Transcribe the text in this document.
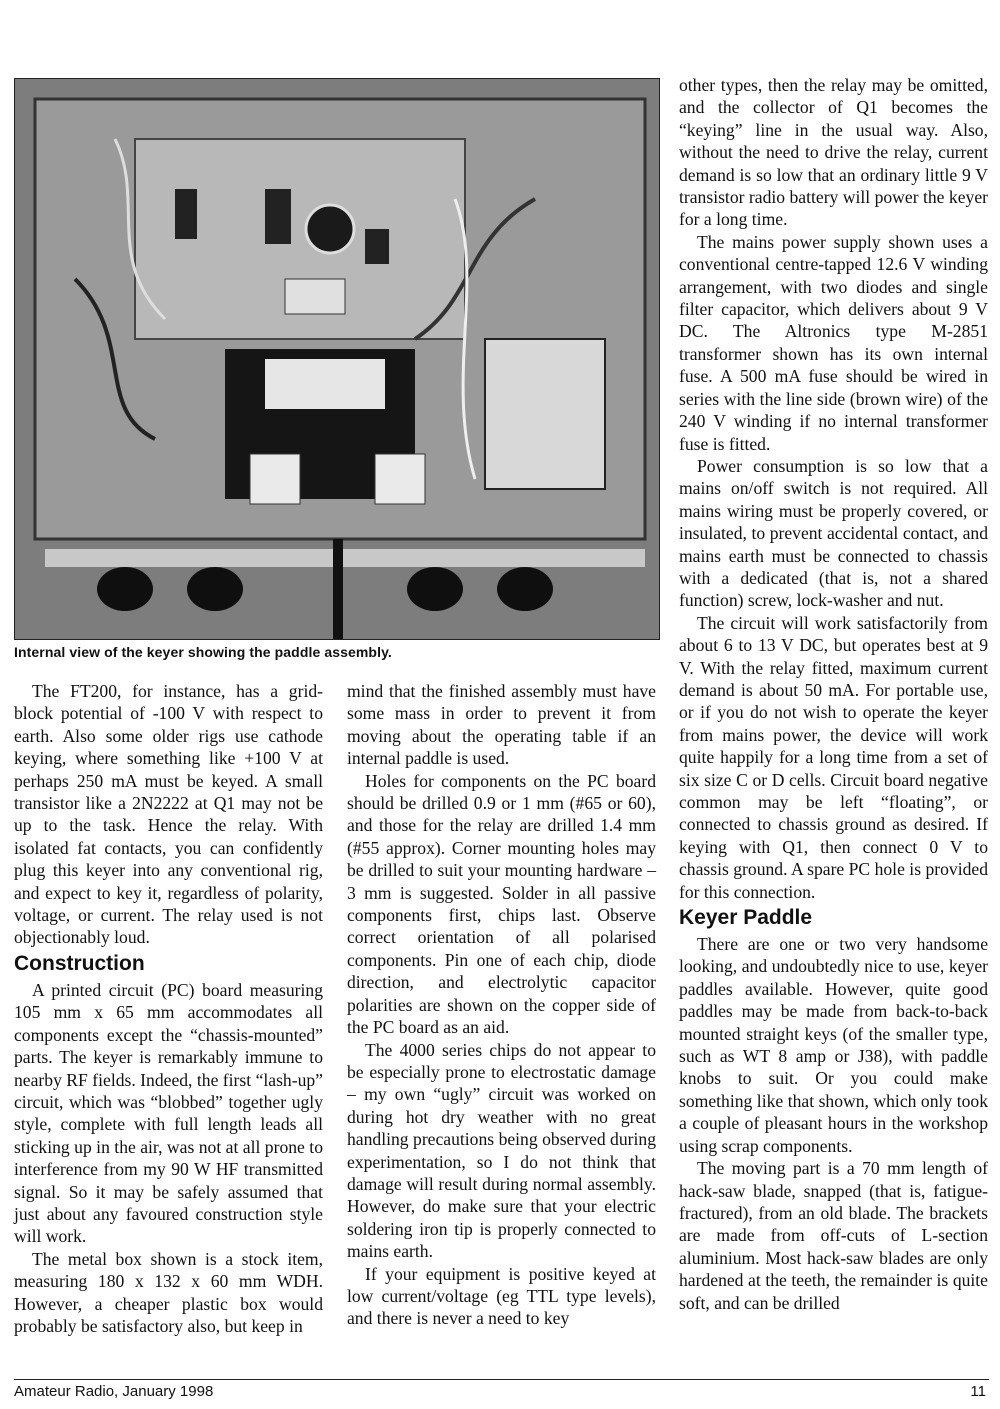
Internal view of the keyer showing the paddle assembly.

The FT200, for instance, has a grid-block potential of -100 V with respect to earth. Also some older rigs use cathode keying, where something like +100 V at perhaps 250 mA must be keyed. A small transistor like a 2N2222 at Q1 may not be up to the task. Hence the relay. With isolated fat contacts, you can confidently plug this keyer into any conventional rig, and expect to key it, regardless of polarity, voltage, or current. The relay used is not objectionably loud.

Construction

A printed circuit (PC) board measuring 105 mm x 65 mm accommodates all components except the “chassis-mounted” parts. The keyer is remarkably immune to nearby RF fields. Indeed, the first “lash-up” circuit, which was “blobbed” together ugly style, complete with full length leads all sticking up in the air, was not at all prone to interference from my 90 W HF transmitted signal. So it may be safely assumed that just about any favoured construction style will work.

The metal box shown is a stock item, measuring 180 x 132 x 60 mm WDH. However, a cheaper plastic box would probably be satisfactory also, but keep in

mind that the finished assembly must have some mass in order to prevent it from moving about the operating table if an internal paddle is used.

Holes for components on the PC board should be drilled 0.9 or 1 mm (#65 or 60), and those for the relay are drilled 1.4 mm (#55 approx). Corner mounting holes may be drilled to suit your mounting hardware – 3 mm is suggested. Solder in all passive components first, chips last. Observe correct orientation of all polarised components. Pin one of each chip, diode direction, and electrolytic capacitor polarities are shown on the copper side of the PC board as an aid.

The 4000 series chips do not appear to be especially prone to electrostatic damage – my own “ugly” circuit was worked on during hot dry weather with no great handling precautions being observed during experimentation, so I do not think that damage will result during normal assembly. However, do make sure that your electric soldering iron tip is properly connected to mains earth.

If your equipment is positive keyed at low current/voltage (eg TTL type levels), and there is never a need to key

other types, then the relay may be omitted, and the collector of Q1 becomes the “keying” line in the usual way. Also, without the need to drive the relay, current demand is so low that an ordinary little 9 V transistor radio battery will power the keyer for a long time.

The mains power supply shown uses a conventional centre-tapped 12.6 V winding arrangement, with two diodes and single filter capacitor, which delivers about 9 V DC. The Altronics type M-2851 transformer shown has its own internal fuse. A 500 mA fuse should be wired in series with the line side (brown wire) of the 240 V winding if no internal transformer fuse is fitted.

Power consumption is so low that a mains on/off switch is not required. All mains wiring must be properly covered, or insulated, to prevent accidental contact, and mains earth must be connected to chassis with a dedicated (that is, not a shared function) screw, lock-washer and nut.

The circuit will work satisfactorily from about 6 to 13 V DC, but operates best at 9 V. With the relay fitted, maximum current demand is about 50 mA. For portable use, or if you do not wish to operate the keyer from mains power, the device will work quite happily for a long time from a set of six size C or D cells. Circuit board negative common may be left “floating”, or connected to chassis ground as desired. If keying with Q1, then connect 0 V to chassis ground. A spare PC hole is provided for this connection.

Keyer Paddle

There are one or two very handsome looking, and undoubtedly nice to use, keyer paddles available. However, quite good paddles may be made from back-to-back mounted straight keys (of the smaller type, such as WT 8 amp or J38), with paddle knobs to suit. Or you could make something like that shown, which only took a couple of pleasant hours in the workshop using scrap components.

The moving part is a 70 mm length of hack-saw blade, snapped (that is, fatigue-fractured), from an old blade. The brackets are made from off-cuts of L-section aluminium. Most hack-saw blades are only hardened at the teeth, the remainder is quite soft, and can be drilled

Amateur Radio, January 1998	11
